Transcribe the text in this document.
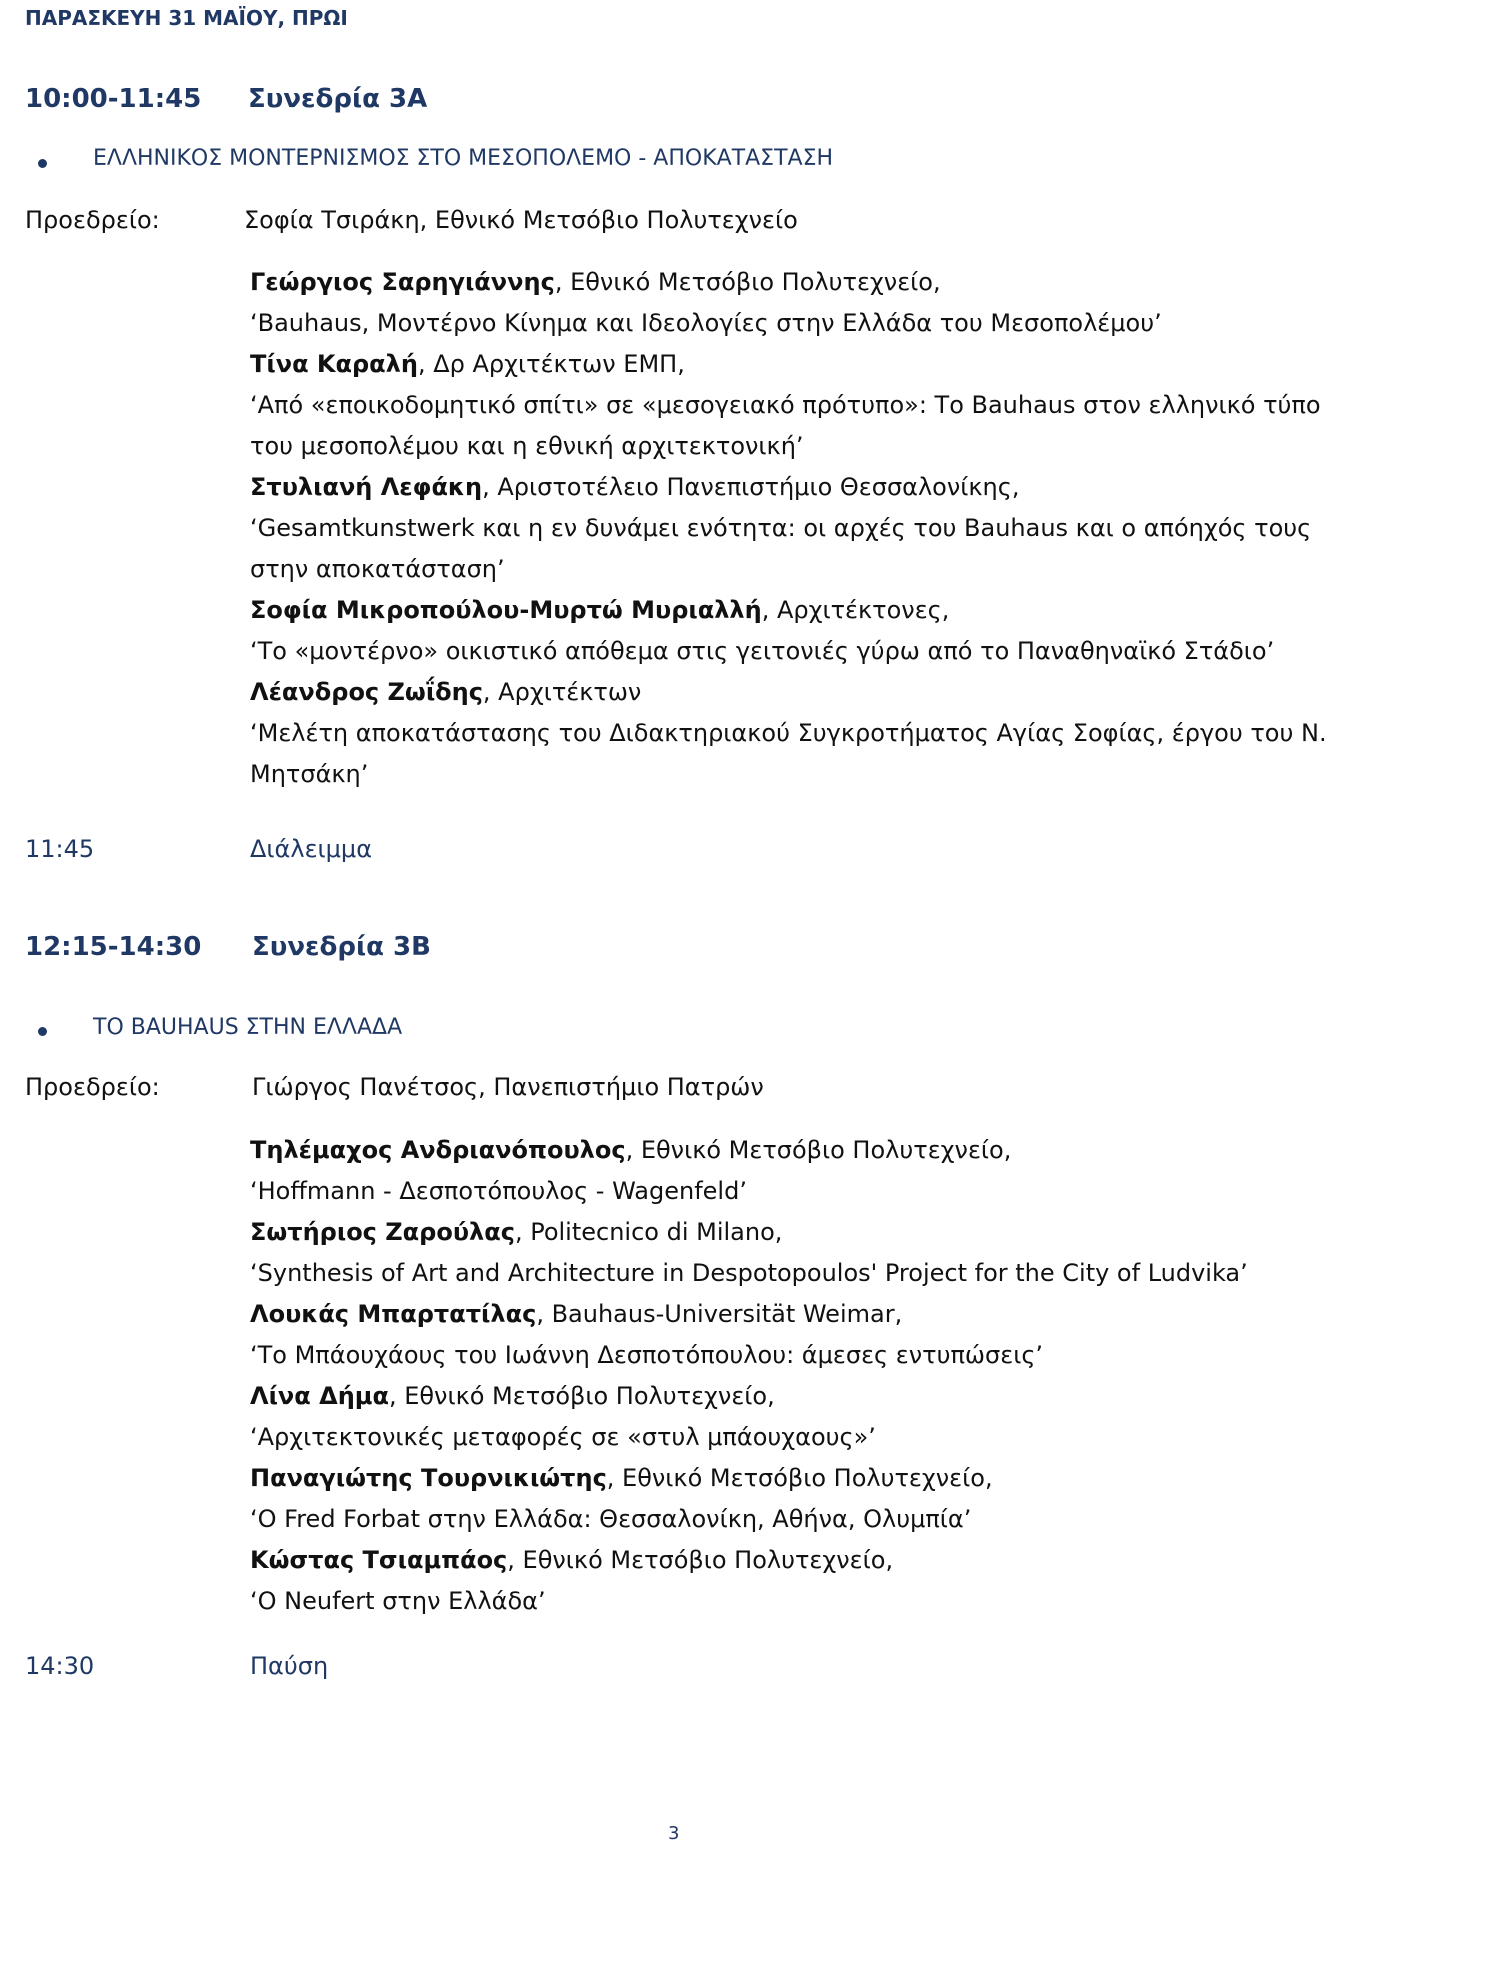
ΠΑΡΑΣΚΕΥΗ 31 ΜΑΪΟΥ, ΠΡΩΙ
10:00-11:45 Συνεδρία 3Α
ΕΛΛΗΝΙΚΟΣ ΜΟΝΤΕΡΝΙΣΜΟΣ ΣΤΟ ΜΕΣΟΠΟΛΕΜΟ - ΑΠΟΚΑΤΑΣΤΑΣΗ
Προεδρείο:	Σοφία Τσιράκη, Εθνικό Μετσόβιο Πολυτεχνείο
Γεώργιος Σαρηγιάννης, Εθνικό Μετσόβιο Πολυτεχνείο,
‘Bauhaus, Μοντέρνο Κίνημα και Ιδεολογίες στην Ελλάδα του Μεσοπολέμου’
Τίνα Καραλή, Δρ Αρχιτέκτων ΕΜΠ,
‘Από «εποικοδομητικό σπίτι» σε «μεσογειακό πρότυπο»: Το Bauhaus στον ελληνικό τύπο
του μεσοπολέμου και η εθνική αρχιτεκτονική’
Στυλιανή Λεφάκη, Αριστοτέλειο Πανεπιστήμιο Θεσσαλονίκης,
‘Gesamtkunstwerk και η εν δυνάμει ενότητα: οι αρχές του Bauhaus και ο απόηχός τους
στην αποκατάσταση’
Σοφία Μικροπούλου-Μυρτώ Μυριαλλή, Αρχιτέκτονες,
‘Το «μοντέρνο» οικιστικό απόθεμα στις γειτονιές γύρω από το Παναθηναϊκό Στάδιο’
Λέανδρος Ζωΐδης, Αρχιτέκτων
‘Μελέτη αποκατάστασης του Διδακτηριακού Συγκροτήματος Αγίας Σοφίας, έργου του Ν.
Μητσάκη’
11:45	Διάλειμμα
12:15-14:30 Συνεδρία 3Β
ΤΟ BAUHAUS ΣΤΗΝ ΕΛΛΑΔΑ
Προεδρείο:	Γιώργος Πανέτσος, Πανεπιστήμιο Πατρών
Τηλέμαχος Ανδριανόπουλος, Εθνικό Μετσόβιο Πολυτεχνείο,
‘Hoffmann - Δεσποτόπουλος - Wagenfeld’
Σωτήριος Ζαρούλας, Politecnico di Milano,
‘Synthesis of Art and Architecture in Despotopoulos' Project for the City of Ludvika’
Λουκάς Μπαρτατίλας, Bauhaus-Universität Weimar,
‘Το Μπάουχάους του Ιωάννη Δεσποτόπουλου: άμεσες εντυπώσεις’
Λίνα Δήμα, Εθνικό Μετσόβιο Πολυτεχνείο,
‘Αρχιτεκτονικές μεταφορές σε «στυλ μπάουχαους»’
Παναγιώτης Τουρνικιώτης, Εθνικό Μετσόβιο Πολυτεχνείο,
‘O Fred Forbat στην Ελλάδα: Θεσσαλονίκη, Αθήνα, Ολυμπία’
Κώστας Τσιαμπάος, Εθνικό Μετσόβιο Πολυτεχνείο,
‘Ο Neufert στην Ελλάδα’
14:30	Παύση
3
